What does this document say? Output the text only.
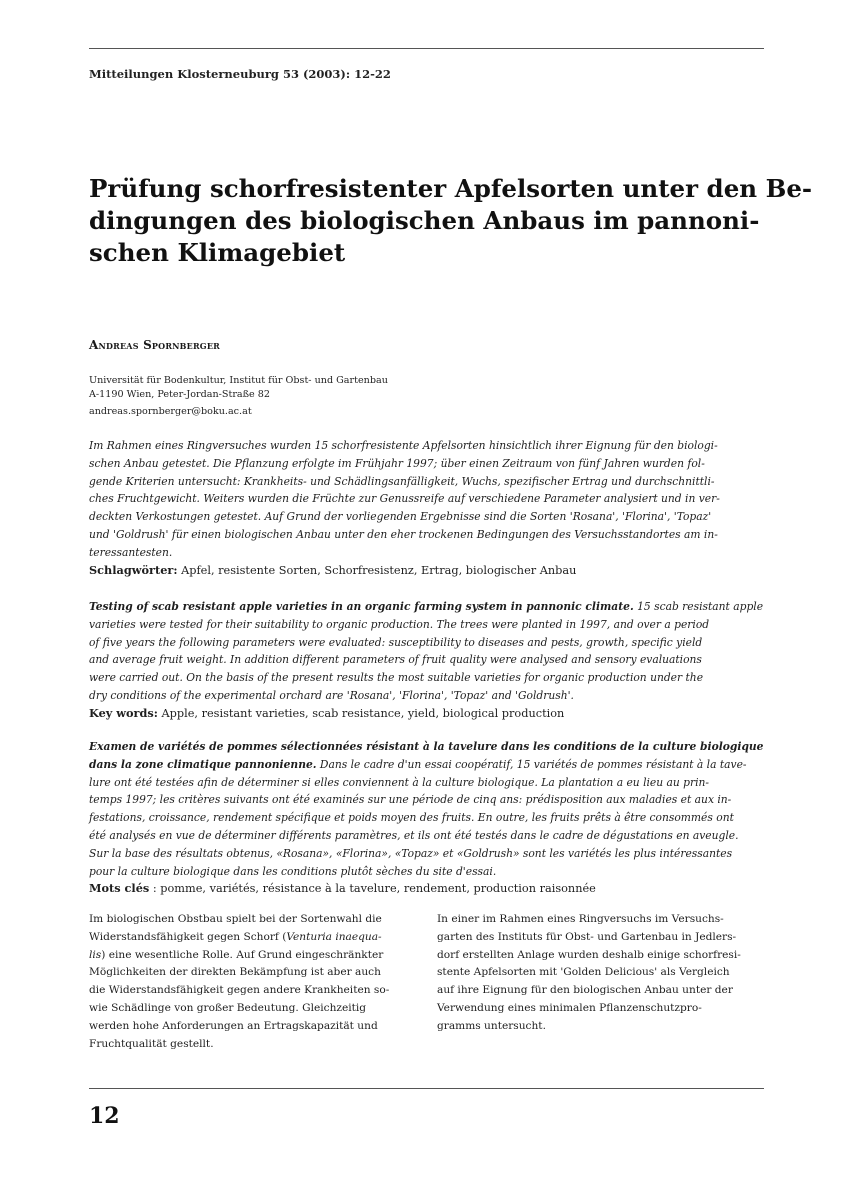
Mitteilungen Klosterneuburg 53 (2003): 12-22
Prüfung schorfresistenter Apfelsorten unter den Be-
dingungen des biologischen Anbaus im pannoni-
schen Klimagebiet
Andreas Spornberger
Universität für Bodenkultur, Institut für Obst- und Gartenbau
A-1190 Wien, Peter-Jordan-Straße 82
andreas.spornberger@boku.ac.at
Im Rahmen eines Ringversuches wurden 15 schorfresistente Apfelsorten hinsichtlich ihrer Eignung für den biologi-
schen Anbau getestet. Die Pflanzung erfolgte im Frühjahr 1997; über einen Zeitraum von fünf Jahren wurden fol-
gende Kriterien untersucht: Krankheits- und Schädlingsanfälligkeit, Wuchs, spezifischer Ertrag und durchschnittli-
ches Fruchtgewicht. Weiters wurden die Früchte zur Genussreife auf verschiedene Parameter analysiert und in ver-
deckten Verkostungen getestet. Auf Grund der vorliegenden Ergebnisse sind die Sorten 'Rosana', 'Florina', 'Topaz'
und 'Goldrush' für einen biologischen Anbau unter den eher trockenen Bedingungen des Versuchsstandortes am in-
teressantesten.
Schlagwörter: Apfel, resistente Sorten, Schorfresistenz, Ertrag, biologischer Anbau
Testing of scab resistant apple varieties in an organic farming system in pannonic climate. 15 scab resistant apple
varieties were tested for their suitability to organic production. The trees were planted in 1997, and over a period
of five years the following parameters were evaluated: susceptibility to diseases and pests, growth, specific yield
and average fruit weight. In addition different parameters of fruit quality were analysed and sensory evaluations
were carried out. On the basis of the present results the most suitable varieties for organic production under the
dry conditions of the experimental orchard are 'Rosana', 'Florina', 'Topaz' and 'Goldrush'.
Key words: Apple, resistant varieties, scab resistance, yield, biological production
Examen de variétés de pommes sélectionnées résistant à la tavelure dans les conditions de la culture biologique
dans la zone climatique pannonienne. Dans le cadre d'un essai coopératif, 15 variétés de pommes résistant à la tave-
lure ont été testées afin de déterminer si elles conviennent à la culture biologique. La plantation a eu lieu au prin-
temps 1997; les critères suivants ont été examinés sur une période de cinq ans: prédisposition aux maladies et aux in-
festations, croissance, rendement spécifique et poids moyen des fruits. En outre, les fruits prêts à être consommés ont
été analysés en vue de déterminer différents paramètres, et ils ont été testés dans le cadre de dégustations en aveugle.
Sur la base des résultats obtenus, «Rosana», «Florina», «Topaz» et «Goldrush» sont les variétés les plus intéressantes
pour la culture biologique dans les conditions plutôt sèches du site d'essai.
Mots clés : pomme, variétés, résistance à la tavelure, rendement, production raisonnée
Im biologischen Obstbau spielt bei der Sortenwahl die
Widerstandsfähigkeit gegen Schorf (Venturia inaequa-
lis) eine wesentliche Rolle. Auf Grund eingeschränkter
Möglichkeiten der direkten Bekämpfung ist aber auch
die Widerstandsfähigkeit gegen andere Krankheiten so-
wie Schädlinge von großer Bedeutung. Gleichzeitig
werden hohe Anforderungen an Ertragskapazität und
Fruchtqualität gestellt.
In einer im Rahmen eines Ringversuchs im Versuchs-
garten des Instituts für Obst- und Gartenbau in Jedlers-
dorf erstellten Anlage wurden deshalb einige schorfresi-
stente Apfelsorten mit 'Golden Delicious' als Vergleich
auf ihre Eignung für den biologischen Anbau unter der
Verwendung eines minimalen Pflanzenschutzpro-
gramms untersucht.
12
